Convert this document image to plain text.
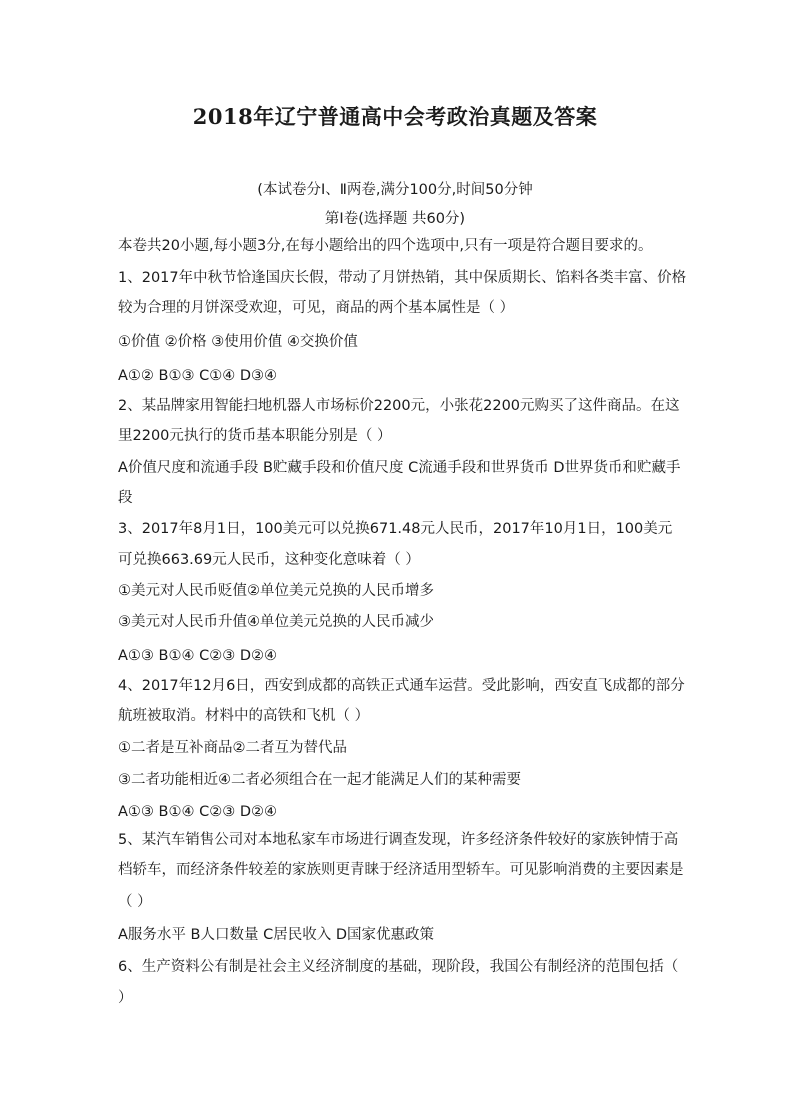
2018年辽宁普通高中会考政治真题及答案
(本试卷分Ⅰ、Ⅱ两卷,满分100分,时间50分钟
第Ⅰ卷(选择题 共60分)
本卷共20小题,每小题3分,在每小题给出的四个选项中,只有一项是符合题目要求的。
1、2017年中秋节恰逢国庆长假，带动了月饼热销，其中保质期长、馅料各类丰富、价格
较为合理的月饼深受欢迎，可见，商品的两个基本属性是（ ）
①价值 ②价格 ③使用价值 ④交换价值
A①② B①③ C①④ D③④
2、某品牌家用智能扫地机器人市场标价2200元，小张花2200元购买了这件商品。在这
里2200元执行的货币基本职能分别是（ ）
A价值尺度和流通手段 B贮藏手段和价值尺度 C流通手段和世界货币 D世界货币和贮藏手
段
3、2017年8月1日，100美元可以兑换671.48元人民币，2017年10月1日，100美元
可兑换663.69元人民币，这种变化意味着（ ）
①美元对人民币贬值②单位美元兑换的人民币增多
③美元对人民币升值④单位美元兑换的人民币减少
A①③ B①④ C②③ D②④
4、2017年12月6日，西安到成都的高铁正式通车运营。受此影响，西安直飞成都的部分
航班被取消。材料中的高铁和飞机（ ）
①二者是互补商品②二者互为替代品
③二者功能相近④二者必须组合在一起才能满足人们的某种需要
A①③ B①④ C②③ D②④
5、某汽车销售公司对本地私家车市场进行调查发现，许多经济条件较好的家族钟情于高
档轿车，而经济条件较差的家族则更青睐于经济适用型轿车。可见影响消费的主要因素是
（ ）
A服务水平 B人口数量 C居民收入 D国家优惠政策
6、生产资料公有制是社会主义经济制度的基础，现阶段，我国公有制经济的范围包括（
）
